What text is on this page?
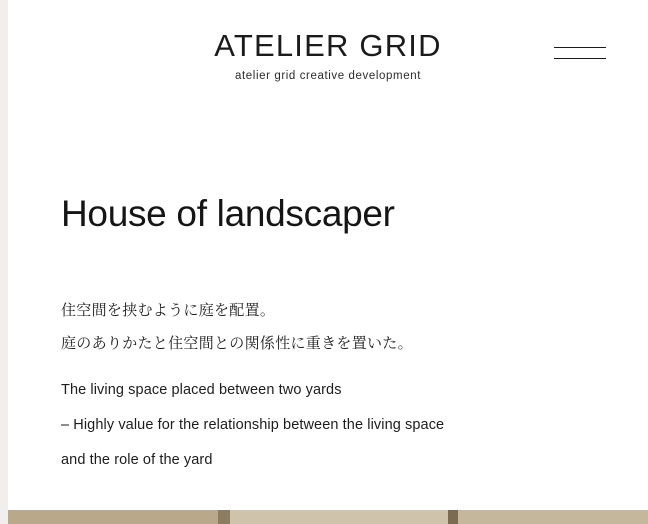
ATELIER GRID
atelier grid creative development
House of landscaper
住空間を挟むように庭を配置。
庭のありかたと住空間との関係性に重きを置いた。
The living space placed between two yards
– Highly value for the relationship between the living space
and the role of the yard
